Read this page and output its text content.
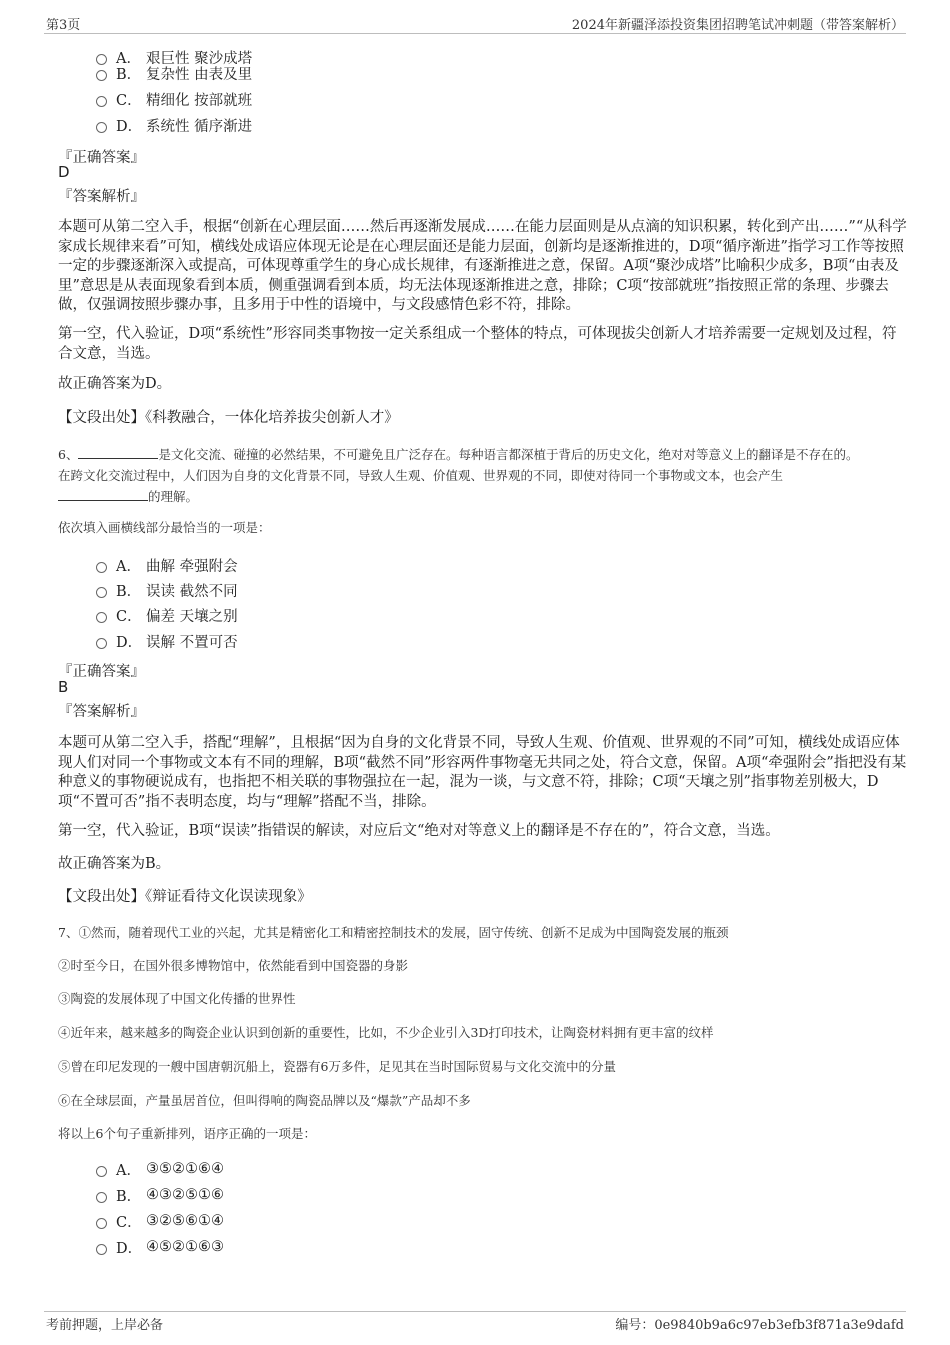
第3页	2024年新疆泽添投资集团招聘笔试冲刺题（带答案解析）
A． 艰巨性 聚沙成塔
B． 复杂性 由表及里
C． 精细化 按部就班
D． 系统性 循序渐进
『正确答案』
D
『答案解析』

本题可从第二空入手，根据“创新在心理层面……然后再逐渐发展成……在能力层面则是从点滴的知识积累，转化到产出……”“从科学家成长规律来看”可知，横线处成语应体现无论是在心理层面还是能力层面，创新均是逐渐推进的，D项“循序渐进”指学习工作等按照一定的步骤逐渐深入或提高，可体现尊重学生的身心成长规律，有逐渐推进之意，保留。A项“聚沙成塔”比喻积少成多，B项“由表及里”意思是从表面现象看到本质，侧重强调看到本质，均无法体现逐渐推进之意，排除；C项“按部就班”指按照正常的条理、步骤去做，仅强调按照步骤办事，且多用于中性的语境中，与文段感情色彩不符，排除。

第一空，代入验证，D项“系统性”形容同类事物按一定关系组成一个整体的特点，可体现拔尖创新人才培养需要一定规划及过程，符合文意，当选。

故正确答案为D。

【文段出处】《科教融合，一体化培养拔尖创新人才》

6、	是文化交流、碰撞的必然结果，不可避免且广泛存在。每种语言都深植于背后的历史文化，绝对对等意义上的翻译是不存在的。
在跨文化交流过程中，人们因为自身的文化背景不同，导致人生观、价值观、世界观的不同，即使对待同一个事物或文本，也会产生
的理解。
依次填入画横线部分最恰当的一项是：
A． 曲解 牵强附会
B． 误读 截然不同
C． 偏差 天壤之别
D． 误解 不置可否
『正确答案』
B
『答案解析』

本题可从第二空入手，搭配“理解”，且根据“因为自身的文化背景不同，导致人生观、价值观、世界观的不同”可知，横线处成语应体现人们对同一个事物或文本有不同的理解，B项“截然不同”形容两件事物毫无共同之处，符合文意，保留。A项“牵强附会”指把没有某种意义的事物硬说成有，也指把不相关联的事物强拉在一起，混为一谈，与文意不符，排除；C项“天壤之别”指事物差别极大，D项“不置可否”指不表明态度，均与“理解”搭配不当，排除。

第一空，代入验证，B项“误读”指错误的解读，对应后文“绝对对等意义上的翻译是不存在的”，符合文意，当选。

故正确答案为B。

【文段出处】《辩证看待文化误读现象》

7、①然而，随着现代工业的兴起，尤其是精密化工和精密控制技术的发展，固守传统、创新不足成为中国陶瓷发展的瓶颈
②时至今日，在国外很多博物馆中，依然能看到中国瓷器的身影
③陶瓷的发展体现了中国文化传播的世界性
④近年来，越来越多的陶瓷企业认识到创新的重要性，比如，不少企业引入3D打印技术，让陶瓷材料拥有更丰富的纹样
⑤曾在印尼发现的一艘中国唐朝沉船上，瓷器有6万多件，足见其在当时国际贸易与文化交流中的分量
⑥在全球层面，产量虽居首位，但叫得响的陶瓷品牌以及“爆款”产品却不多
将以上6个句子重新排列，语序正确的一项是：
A． ③⑤②①⑥④
B． ④③②⑤①⑥
C． ③②⑤⑥①④
D． ④⑤②①⑥③
考前押题，上岸必备	编号：0e9840b9a6c97eb3efb3f871a3e9dafd
